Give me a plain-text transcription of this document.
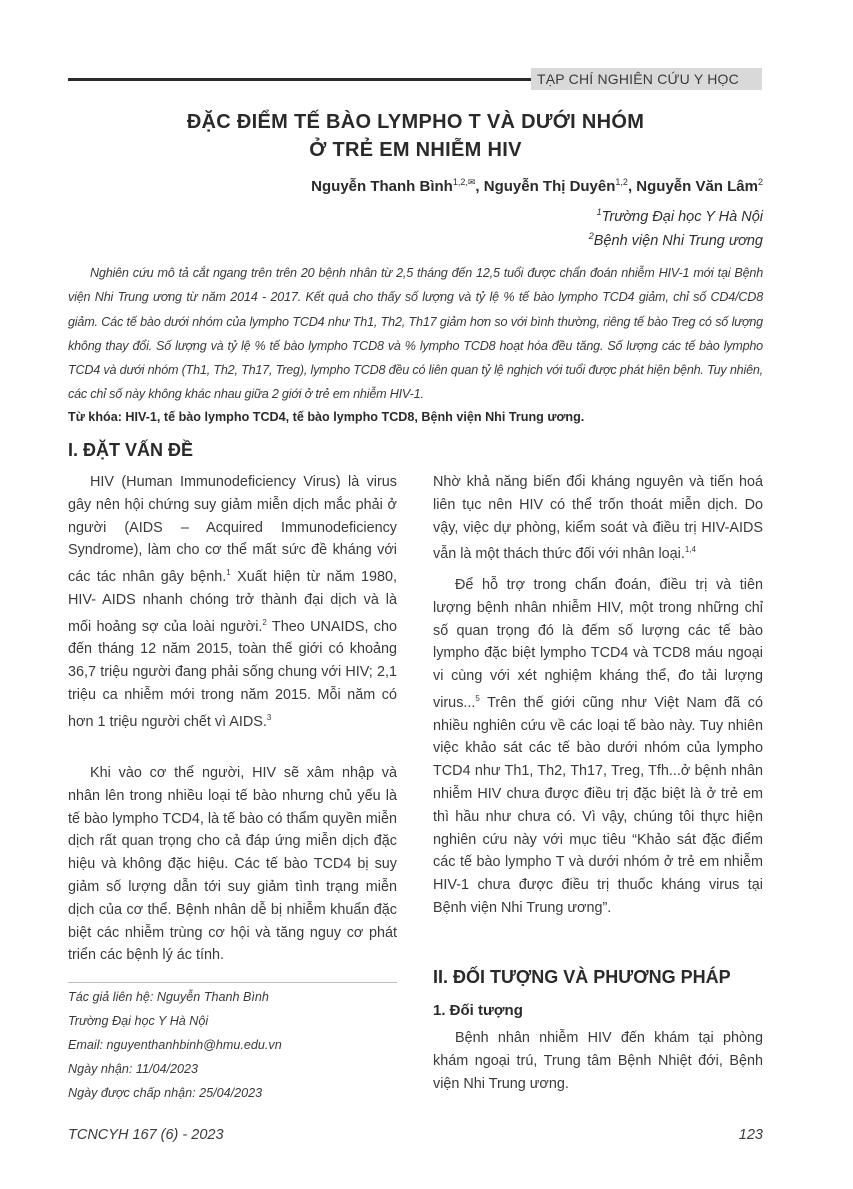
TẠP CHÍ NGHIÊN CỨU Y HỌC
ĐẶC ĐIỂM TẾ BÀO LYMPHO T VÀ DƯỚI NHÓM
Ở TRẺ EM NHIỄM HIV
Nguyễn Thanh Bình$^{1,2,✉}$, Nguyễn Thị Duyên$^{1,2}$, Nguyễn Văn Lâm$^2$
$^1$Trường Đại học Y Hà Nội
$^2$Bệnh viện Nhi Trung ương

Nghiên cứu mô tả cắt ngang trên trên 20 bệnh nhân từ 2,5 tháng đến 12,5 tuổi được chẩn đoán nhiễm HIV-1 mới tại Bệnh viện Nhi Trung ương từ năm 2014 - 2017. Kết quả cho thấy số lượng và tỷ lệ % tế bào lympho TCD4 giảm, chỉ số CD4/CD8 giảm. Các tế bào dưới nhóm của lympho TCD4 như Th1, Th2, Th17 giảm hơn so với bình thường, riêng tế bào Treg có số lượng không thay đổi. Số lượng và tỷ lệ % tế bào lympho TCD8 và % lympho TCD8 hoạt hóa đều tăng. Số lượng các tế bào lympho TCD4 và dưới nhóm (Th1, Th2, Th17, Treg), lympho TCD8 đều có liên quan tỷ lệ nghịch với tuổi được phát hiện bệnh. Tuy nhiên, các chỉ số này không khác nhau giữa 2 giới ở trẻ em nhiễm HIV-1.

Từ khóa: HIV-1, tế bào lympho TCD4, tế bào lympho TCD8, Bệnh viện Nhi Trung ương.
I. ĐẶT VẤN ĐỀ

HIV (Human Immunodeficiency Virus) là virus gây nên hội chứng suy giảm miễn dịch mắc phải ở người (AIDS – Acquired Immunodeficiency Syndrome), làm cho cơ thể mất sức đề kháng với các tác nhân gây bệnh.$^1$ Xuất hiện từ năm 1980, HIV- AIDS nhanh chóng trở thành đại dịch và là mối hoảng sợ của loài người.$^2$ Theo UNAIDS, cho đến tháng 12 năm 2015, toàn thế giới có khoảng 36,7 triệu người đang phải sống chung với HIV; 2,1 triệu ca nhiễm mới trong năm 2015. Mỗi năm có hơn 1 triệu người chết vì AIDS.$^3$

Khi vào cơ thể người, HIV sẽ xâm nhập và nhân lên trong nhiều loại tế bào nhưng chủ yếu là tế bào lympho TCD4, là tế bào có thẩm quyền miễn dịch rất quan trọng cho cả đáp ứng miễn dịch đặc hiệu và không đặc hiệu. Các tế bào TCD4 bị suy giảm số lượng dẫn tới suy giảm tình trạng miễn dịch của cơ thể. Bệnh nhân dễ bị nhiễm khuẩn đặc biệt các nhiễm trùng cơ hội và tăng nguy cơ phát triển các bệnh lý ác tính.

Nhờ khả năng biến đổi kháng nguyên và tiến hoá liên tục nên HIV có thể trốn thoát miễn dịch. Do vậy, việc dự phòng, kiểm soát và điều trị HIV-AIDS vẫn là một thách thức đối với nhân loại.$^{1,4}$

Để hỗ trợ trong chẩn đoán, điều trị và tiên lượng bệnh nhân nhiễm HIV, một trong những chỉ số quan trọng đó là đếm số lượng các tế bào lympho đặc biệt lympho TCD4 và TCD8 máu ngoại vi cùng với xét nghiệm kháng thể, đo tải lượng virus...$^5$ Trên thế giới cũng như Việt Nam đã có nhiều nghiên cứu về các loại tế bào này. Tuy nhiên việc khảo sát các tế bào dưới nhóm của lympho TCD4 như Th1, Th2, Th17, Treg, Tfh...ở bệnh nhân nhiễm HIV chưa được điều trị đặc biệt là ở trẻ em thì hầu như chưa có. Vì vậy, chúng tôi thực hiện nghiên cứu này với mục tiêu “Khảo sát đặc điểm các tế bào lympho T và dưới nhóm ở trẻ em nhiễm HIV-1 chưa được điều trị thuốc kháng virus tại Bệnh viện Nhi Trung ương”.

II. ĐỐI TƯỢNG VÀ PHƯƠNG PHÁP
1. Đối tượng

Bệnh nhân nhiễm HIV đến khám tại phòng khám ngoại trú, Trung tâm Bệnh Nhiệt đới, Bệnh viện Nhi Trung ương.

Tác giả liên hệ: Nguyễn Thanh Bình
Trường Đại học Y Hà Nội
Email: nguyenthanhbinh@hmu.edu.vn
Ngày nhận: 11/04/2023
Ngày được chấp nhận: 25/04/2023
TCNCYH 167 (6) - 2023	123
